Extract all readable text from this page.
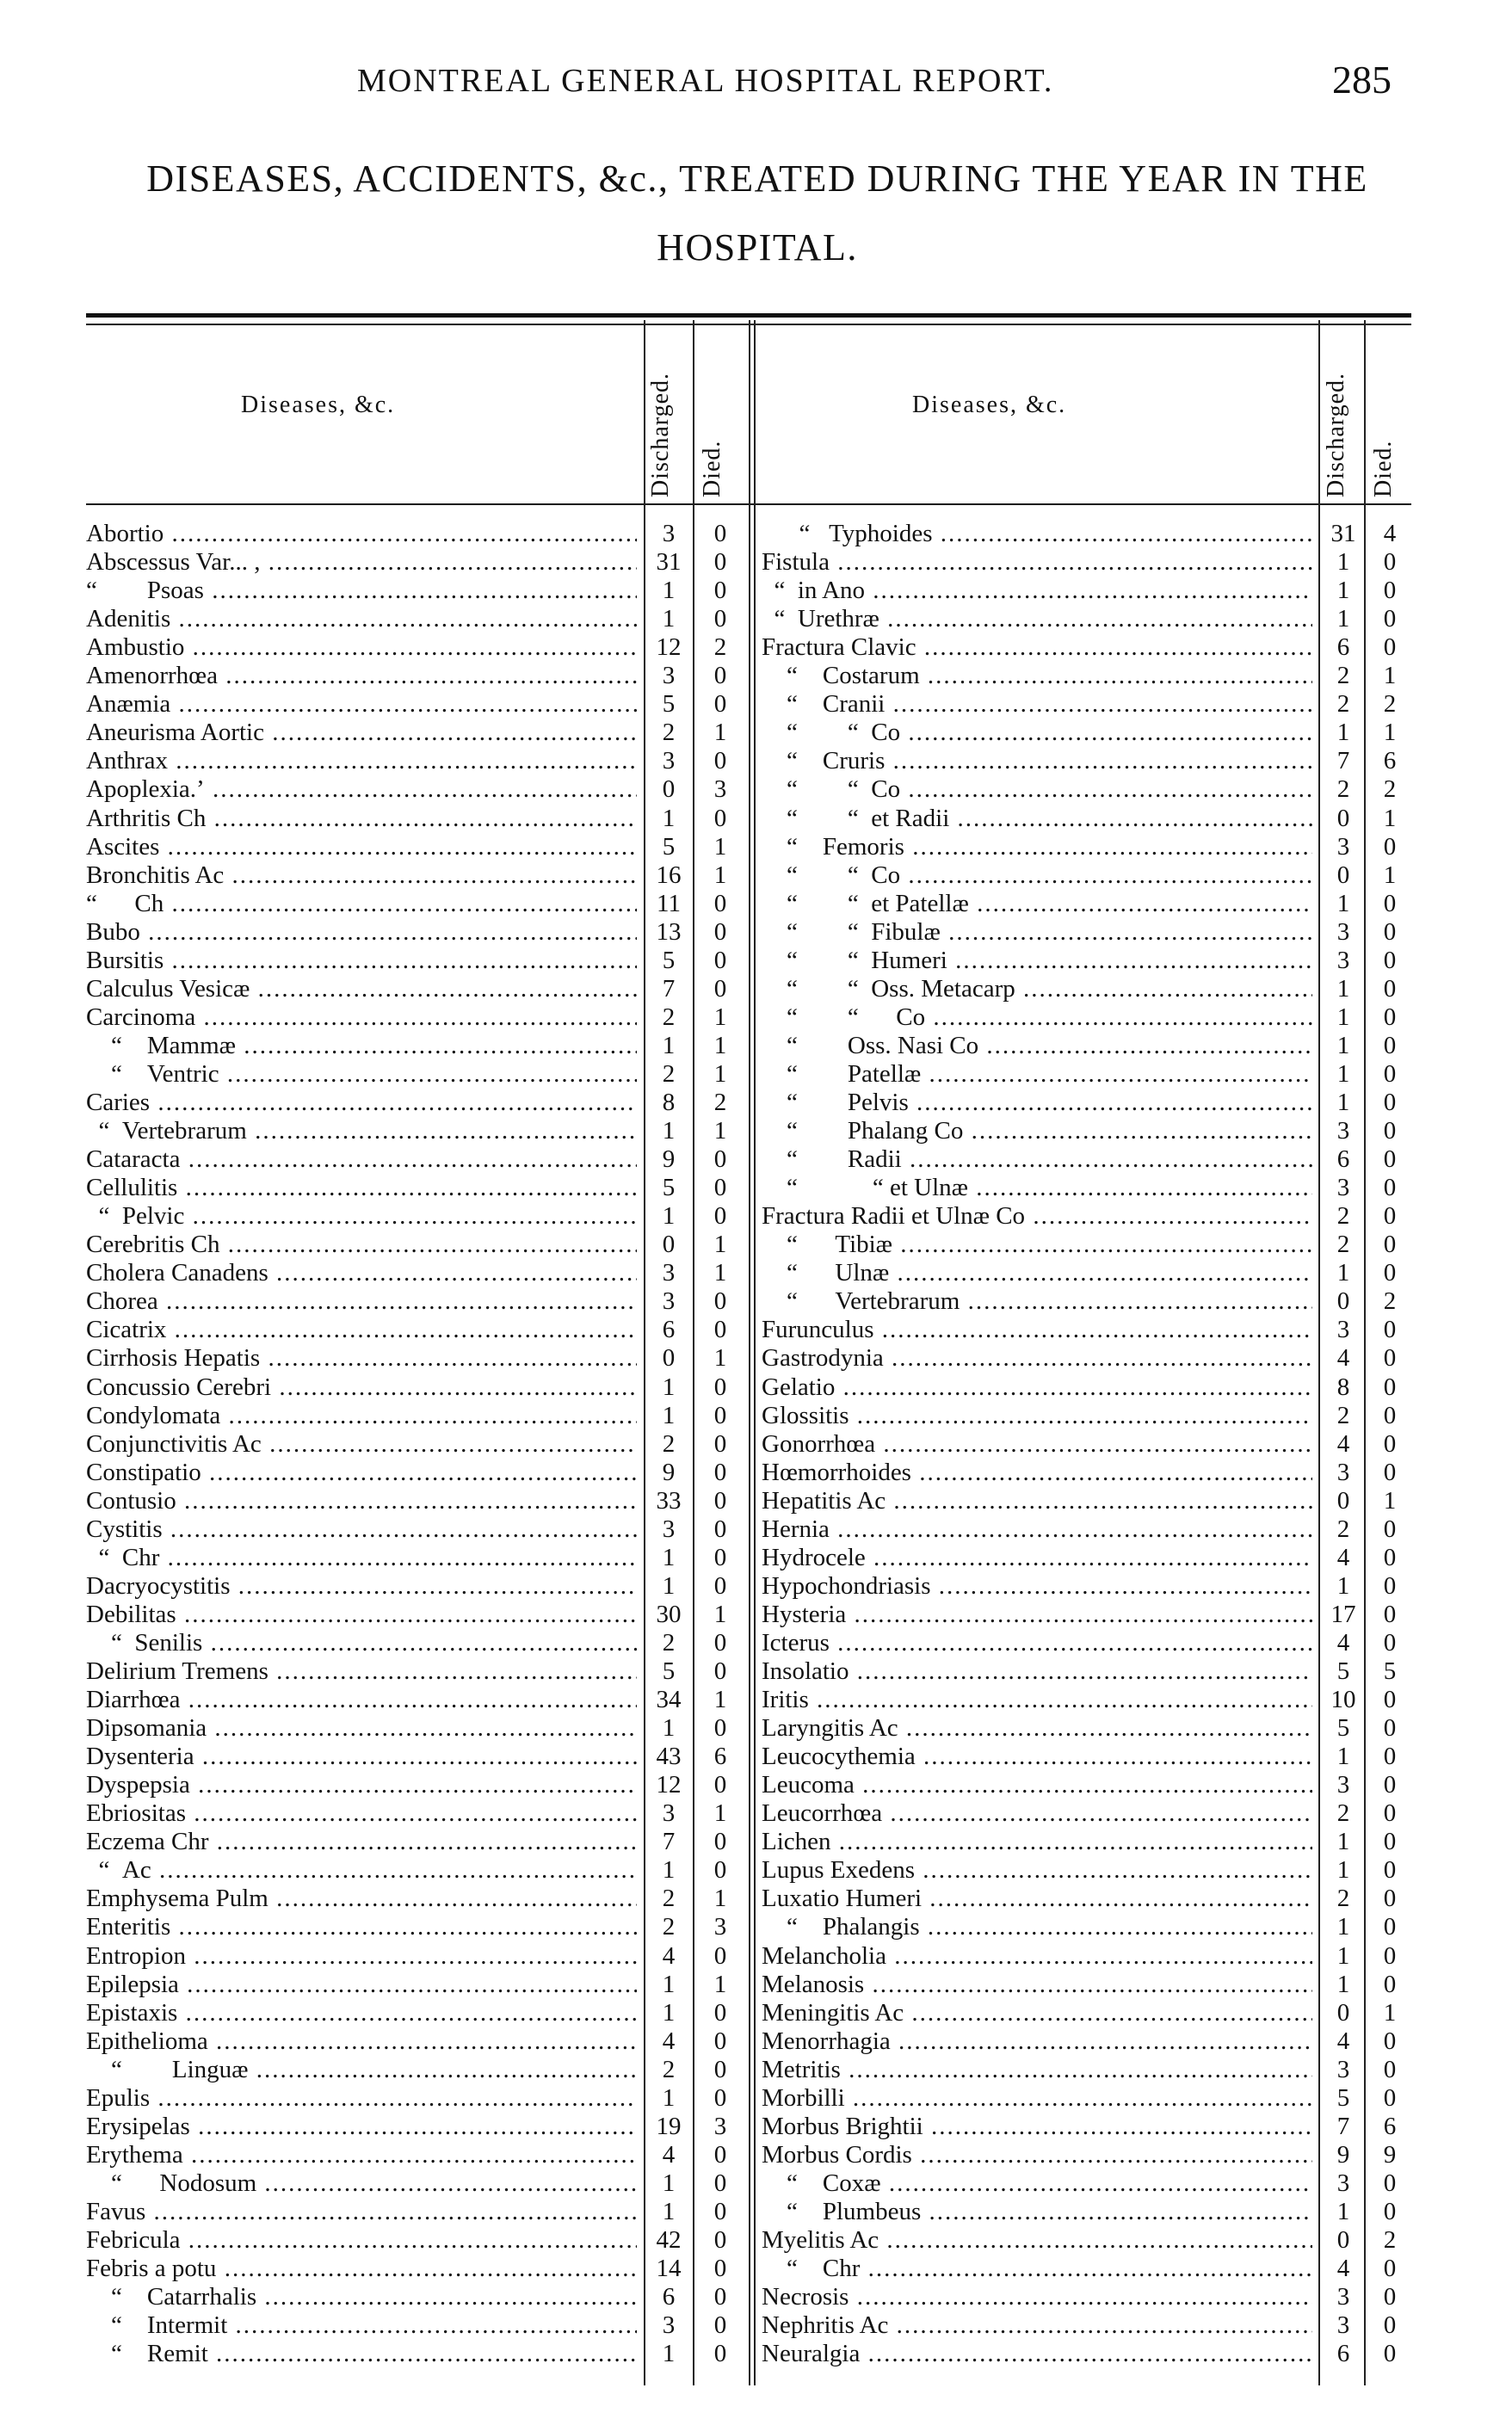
MONTREAL GENERAL HOSPITAL REPORT.	285
DISEASES, ACCIDENTS, &c., TREATED DURING THE YEAR IN THE HOSPITAL.
Diseases, &c.	Discharged. Died.
Diseases, &c.	Discharged. Died.
Abortio .....	3	0
Abscessus Var... , .....	31	0
“        Psoas .....	1	0
Adenitis .....	1	0
Ambustio .....	12	2
Amenorrhœa .....	3	0
Anæmia .....	5	0
Aneurisma Aortic .....	2	1
Anthrax .....	3	0
Apoplexia.’ .....	0	3
Arthritis Ch .....	1	0
Ascites .....	5	1
Bronchitis Ac .....	16	1
“      Ch .....	11	0
Bubo .....	13	0
Bursitis .....	5	0
Calculus Vesicæ .....	7	0
Carcinoma .....	2	1
“    Mammæ .....	1	1
“    Ventric .....	2	1
Caries .....	8	2
“  Vertebrarum .....	1	1
Cataracta .....	9	0
Cellulitis .....	5	0
“  Pelvic .....	1	0
Cerebritis Ch .....	0	1
Cholera Canadens .....	3	1
Chorea .....	3	0
Cicatrix .....	6	0
Cirrhosis Hepatis .....	0	1
Concussio Cerebri .....	1	0
Condylomata .....	1	0
Conjunctivitis Ac .....	2	0
Constipatio .....	9	0
Contusio .....	33	0
Cystitis .....	3	0
“  Chr .....	1	0
Dacryocystitis .....	1	0
Debilitas .....	30	1
“  Senilis .....	2	0
Delirium Tremens .....	5	0
Diarrhœa .....	34	1
Dipsomania .....	1	0
Dysenteria .....	43	6
Dyspepsia .....	12	0
Ebriositas .....	3	1
Eczema Chr .....	7	0
“  Ac .....	1	0
Emphysema Pulm .....	2	1
Enteritis .....	2	3
Entropion .....	4	0
Epilepsia .....	1	1
Epistaxis .....	1	0
Epithelioma .....	4	0
“        Linguæ .....	2	0
Epulis .....	1	0
Erysipelas .....	19	3
Erythema .....	4	0
“      Nodosum .....	1	0
Favus .....	1	0
Febricula .....	42	0
Febris a potu .....	14	0
“    Catarrhalis .....	6	0
“    Intermit .....	3	0
“    Remit .....	1	0
“   Typhoides .....	31	4
Fistula .....	1	0
“  in Ano .....	1	0
“  Urethræ .....	1	0
Fractura Clavic .....	6	0
“    Costarum .....	2	1
“    Cranii .....	2	2
“        “  Co .....	1	1
“    Cruris .....	7	6
“        “  Co .....	2	2
“        “  et Radii .....	0	1
“    Femoris .....	3	0
“        “  Co .....	0	1
“        “  et Patellæ .....	1	0
“        “  Fibulæ .....	3	0
“        “  Humeri .....	3	0
“        “  Oss. Metacarp .....	1	0
“        “      Co .....	1	0
“        Oss. Nasi Co .....	1	0
“        Patellæ .....	1	0
“        Pelvis .....	1	0
“        Phalang Co .....	3	0
“        Radii .....	6	0
“            “ et Ulnæ .....	3	0
Fractura Radii et Ulnæ Co .....	2	0
“      Tibiæ .....	2	0
“      Ulnæ .....	1	0
“      Vertebrarum .....	0	2
Furunculus .....	3	0
Gastrodynia .....	4	0
Gelatio .....	8	0
Glossitis .....	2	0
Gonorrhœa .....	4	0
Hœmorrhoides .....	3	0
Hepatitis Ac .....	0	1
Hernia .....	2	0
Hydrocele .....	4	0
Hypochondriasis .....	1	0
Hysteria .....	17	0
Icterus .....	4	0
Insolatio .....	5	5
Iritis .....	10	0
Laryngitis Ac .....	5	0
Leucocythemia .....	1	0
Leucoma .....	3	0
Leucorrhœa .....	2	0
Lichen .....	1	0
Lupus Exedens .....	1	0
Luxatio Humeri .....	2	0
“    Phalangis .....	1	0
Melancholia .....	1	0
Melanosis .....	1	0
Meningitis Ac .....	0	1
Menorrhagia .....	4	0
Metritis .....	3	0
Morbilli .....	5	0
Morbus Brightii .....	7	6
Morbus Cordis .....	9	9
“    Coxæ .....	3	0
“    Plumbeus .....	1	0
Myelitis Ac .....	0	2
“    Chr .....	4	0
Necrosis .....	3	0
Nephritis Ac .....	3	0
Neuralgia .....	6	0
